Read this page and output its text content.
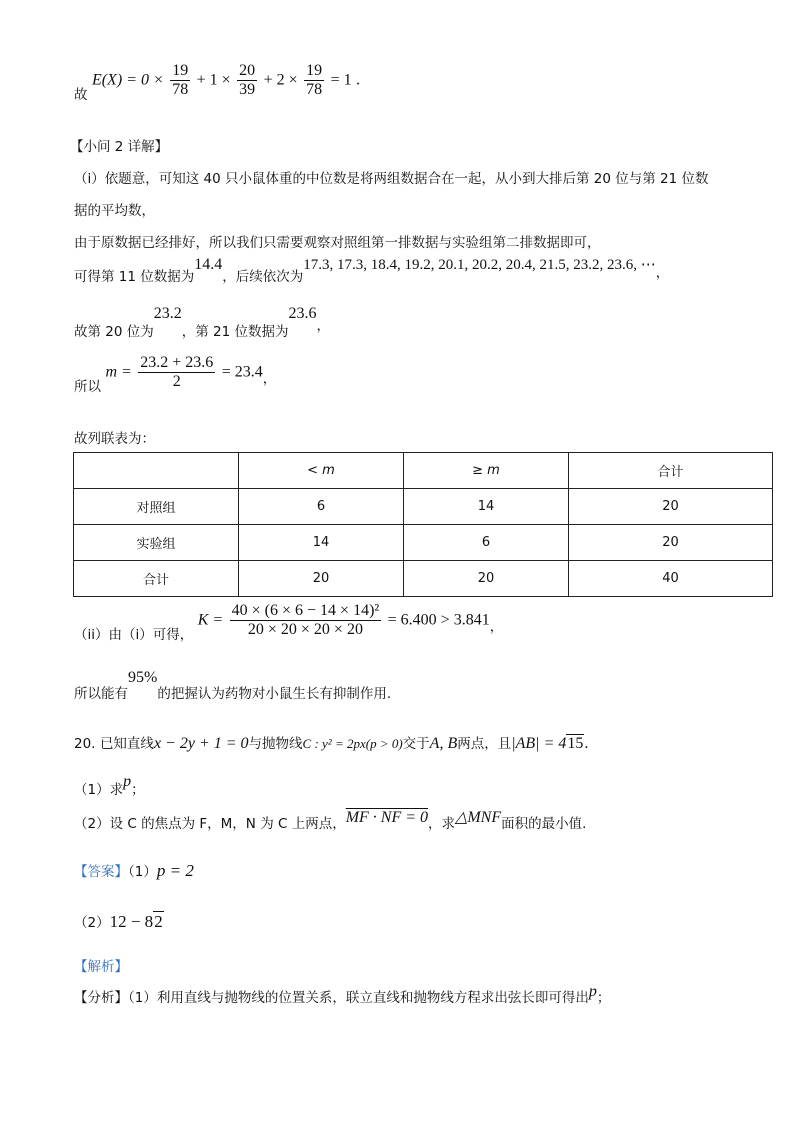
故 $E(X) = 0 \times \frac{19}{78} + 1 \times \frac{20}{39} + 2 \times \frac{19}{78} = 1$ .
【小问 2 详解】
（i）依题意，可知这 40 只小鼠体重的中位数是将两组数据合在一起，从小到大排后第 20 位与第 21 位数
据的平均数，
由于原数据已经排好，所以我们只需要观察对照组第一排数据与实验组第二排数据即可，
可得第 11 位数据为14.4，后续依次为17.3, 17.3, 18.4, 19.2, 20.1, 20.2, 20.4, 21.5, 23.2, 23.6, ⋯，
故第 20 位为23.2，第 21 位数据为23.6，
所以 $m = \frac{23.2 + 23.6}{2} = 23.4$，
故列联表为：
	< m	≥ m	合计
对照组	6	14	20
实验组	14	6	20
合计	20	20	40
（ii）由（i）可得， $K = \frac{\text{40 × (6 × 6 − 14 × 14)²}}{20 \times 20 \times 20 \times 20} = 6.400 > 3.841$，
所以能有95%的把握认为药物对小鼠生长有抑制作用.
20. 已知直线x − 2y + 1 = 0与抛物线C : y² = 2px(p > 0)交于A, B两点，且|AB| = 415.
（1）求p；
（2）设 C 的焦点为 F，M，N 为 C 上两点，MF · NF = 0，求△MNF面积的最小值.
【答案】（1）p = 2
（2）12 − 82
【解析】
【分析】（1）利用直线与抛物线的位置关系，联立直线和抛物线方程求出弦长即可得出p；
